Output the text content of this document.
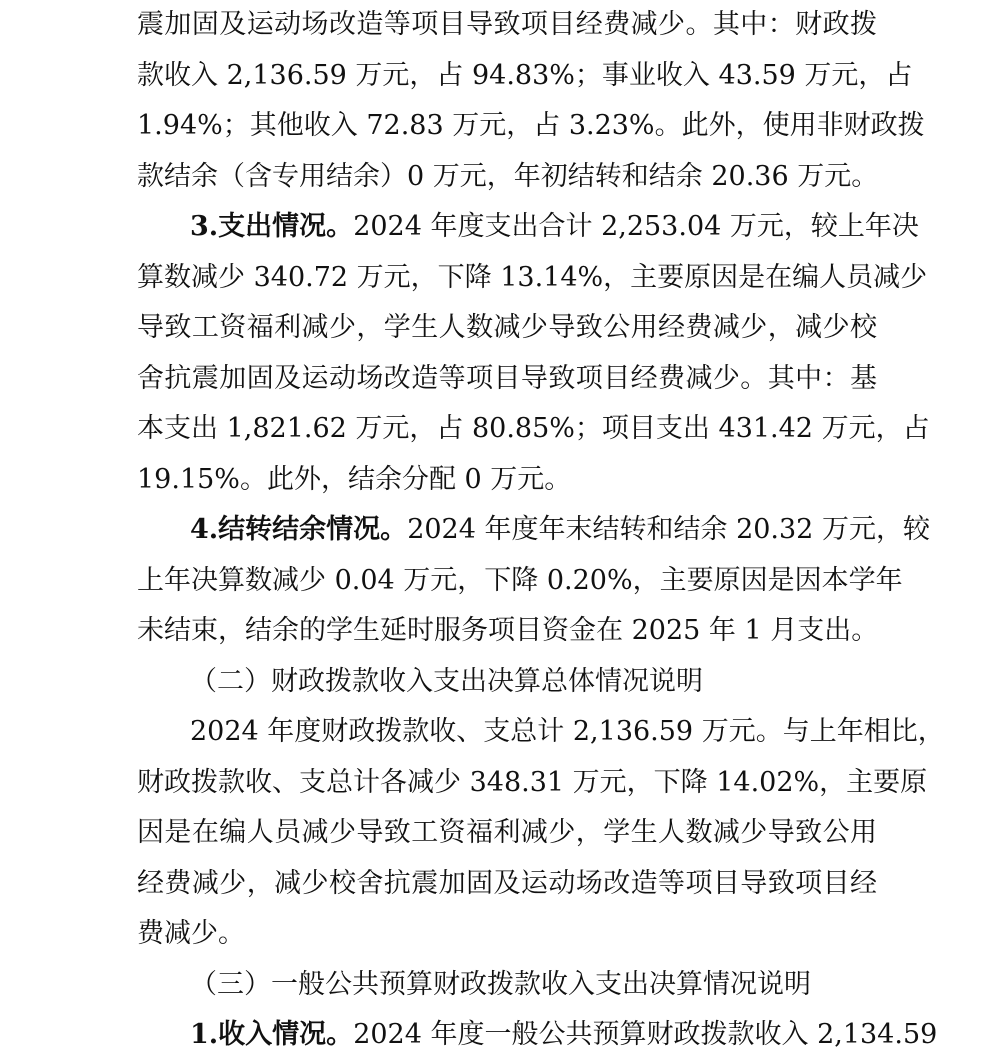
震加固及运动场改造等项目导致项目经费减少。其中：财政拨
款收入 2,136.59 万元，占 94.83%；事业收入 43.59 万元，占
1.94%；其他收入 72.83 万元，占 3.23%。此外，使用非财政拨
款结余（含专用结余）0 万元，年初结转和结余 20.36 万元。
3.支出情况。2024 年度支出合计 2,253.04 万元，较上年决
算数减少 340.72 万元，下降 13.14%，主要原因是在编人员减少
导致工资福利减少，学生人数减少导致公用经费减少，减少校
舍抗震加固及运动场改造等项目导致项目经费减少。其中：基
本支出 1,821.62 万元，占 80.85%；项目支出 431.42 万元，占
19.15%。此外，结余分配 0 万元。
4.结转结余情况。2024 年度年末结转和结余 20.32 万元，较
上年决算数减少 0.04 万元，下降 0.20%，主要原因是因本学年
未结束，结余的学生延时服务项目资金在 2025 年 1 月支出。
（二）财政拨款收入支出决算总体情况说明
2024 年度财政拨款收、支总计 2,136.59 万元。与上年相比，
财政拨款收、支总计各减少 348.31 万元，下降 14.02%，主要原
因是在编人员减少导致工资福利减少，学生人数减少导致公用
经费减少，减少校舍抗震加固及运动场改造等项目导致项目经
费减少。
（三）一般公共预算财政拨款收入支出决算情况说明
1.收入情况。2024 年度一般公共预算财政拨款收入 2,134.59
